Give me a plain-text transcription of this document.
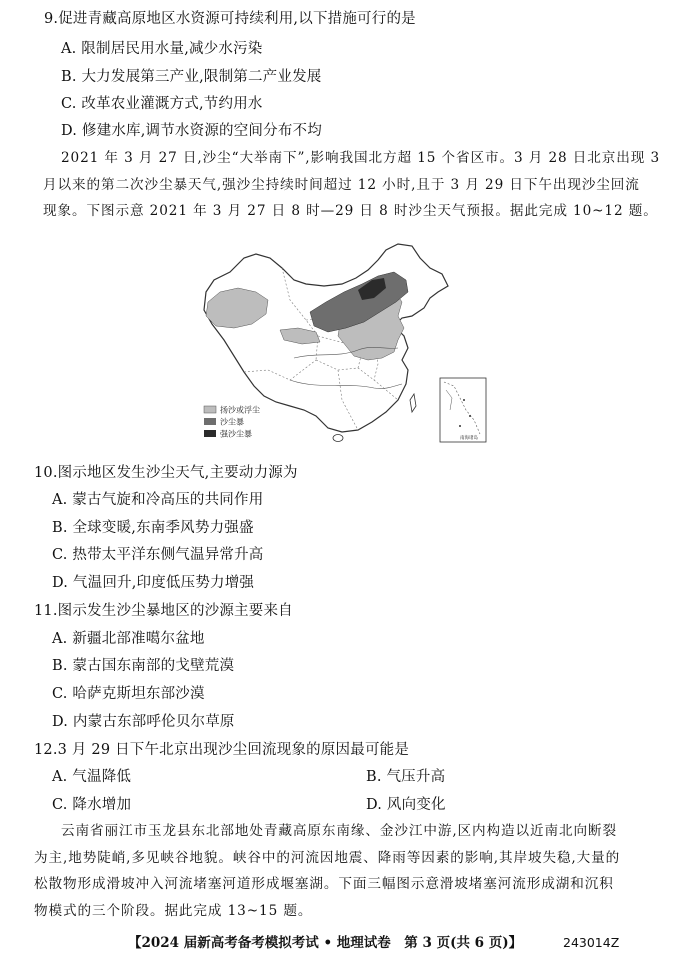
9.促进青藏高原地区水资源可持续利用,以下措施可行的是
A. 限制居民用水量,减少水污染
B. 大力发展第三产业,限制第二产业发展
C. 改革农业灌溉方式,节约用水
D. 修建水库,调节水资源的空间分布不均

2021 年 3 月 27 日,沙尘“大举南下”,影响我国北方超 15 个省区市。3 月 28 日北京出现 3

月以来的第二次沙尘暴天气,强沙尘持续时间超过 12 小时,且于 3 月 29 日下午出现沙尘回流

现象。下图示意 2021 年 3 月 27 日 8 时—29 日 8 时沙尘天气预报。据此完成 10~12 题。

扬沙或浮尘
沙尘暴
强沙尘暴	南海诸岛
10.图示地区发生沙尘天气,主要动力源为
A. 蒙古气旋和冷高压的共同作用
B. 全球变暖,东南季风势力强盛
C. 热带太平洋东侧气温异常升高
D. 气温回升,印度低压势力增强
11.图示发生沙尘暴地区的沙源主要来自
A. 新疆北部准噶尔盆地
B. 蒙古国东南部的戈壁荒漠
C. 哈萨克斯坦东部沙漠
D. 内蒙古东部呼伦贝尔草原
12.3 月 29 日下午北京出现沙尘回流现象的原因最可能是
A. 气温降低	B. 气压升高
C. 降水增加	D. 风向变化

云南省丽江市玉龙县东北部地处青藏高原东南缘、金沙江中游,区内构造以近南北向断裂

为主,地势陡峭,多见峡谷地貌。峡谷中的河流因地震、降雨等因素的影响,其岸坡失稳,大量的

松散物形成滑坡冲入河流堵塞河道形成堰塞湖。下面三幅图示意滑坡堵塞河流形成湖和沉积

物模式的三个阶段。据此完成 13~15 题。

【2024 届新高考备考模拟考试 • 地理试卷　第 3 页(共 6 页)】	243014Z
